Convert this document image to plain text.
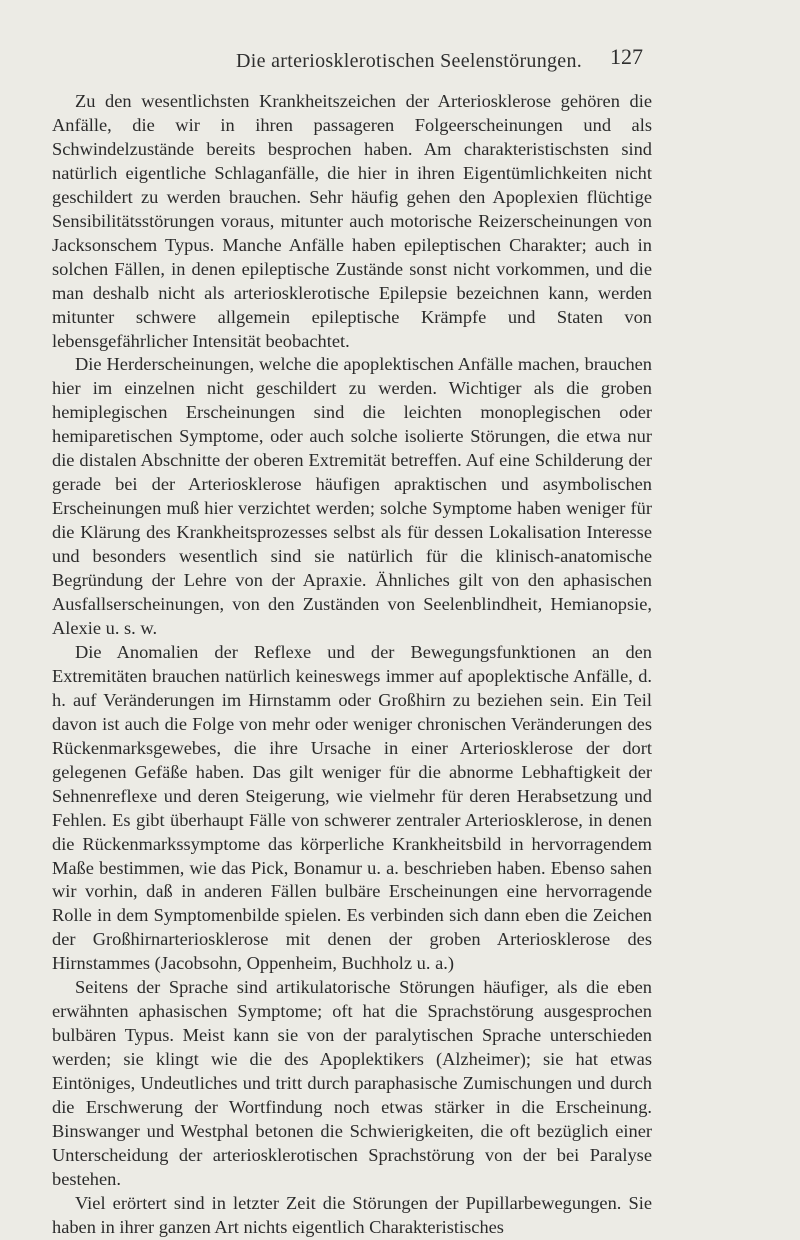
Die arteriosklerotischen Seelenstörungen. 127

Zu den wesentlichsten Krankheitszeichen der Arteriosklerose gehören die Anfälle, die wir in ihren passageren Folgeerscheinungen und als Schwindelzustände bereits besprochen haben. Am charakteristischsten sind natürlich eigentliche Schlaganfälle, die hier in ihren Eigentümlichkeiten nicht geschildert zu werden brauchen. Sehr häufig gehen den Apoplexien flüchtige Sensibilitätsstörungen voraus, mitunter auch motorische Reizerscheinungen von Jacksonschem Typus. Manche Anfälle haben epileptischen Charakter; auch in solchen Fällen, in denen epileptische Zustände sonst nicht vorkommen, und die man deshalb nicht als arteriosklerotische Epilepsie bezeichnen kann, werden mitunter schwere allgemein epileptische Krämpfe und Staten von lebensgefährlicher Intensität beobachtet.

Die Herderscheinungen, welche die apoplektischen Anfälle machen, brauchen hier im einzelnen nicht geschildert zu werden. Wichtiger als die groben hemiplegischen Erscheinungen sind die leichten monoplegischen oder hemiparetischen Symptome, oder auch solche isolierte Störungen, die etwa nur die distalen Abschnitte der oberen Extremität betreffen. Auf eine Schilderung der gerade bei der Arteriosklerose häufigen apraktischen und asymbolischen Erscheinungen muß hier verzichtet werden; solche Symptome haben weniger für die Klärung des Krankheitsprozesses selbst als für dessen Lokalisation Interesse und besonders wesentlich sind sie natürlich für die klinisch-anatomische Begründung der Lehre von der Apraxie. Ähnliches gilt von den aphasischen Ausfallserscheinungen, von den Zuständen von Seelenblindheit, Hemianopsie, Alexie u. s. w.

Die Anomalien der Reflexe und der Bewegungsfunktionen an den Extremitäten brauchen natürlich keineswegs immer auf apoplektische Anfälle, d. h. auf Veränderungen im Hirnstamm oder Großhirn zu beziehen sein. Ein Teil davon ist auch die Folge von mehr oder weniger chronischen Veränderungen des Rückenmarksgewebes, die ihre Ursache in einer Arteriosklerose der dort gelegenen Gefäße haben. Das gilt weniger für die abnorme Lebhaftigkeit der Sehnenreflexe und deren Steigerung, wie vielmehr für deren Herabsetzung und Fehlen. Es gibt überhaupt Fälle von schwerer zentraler Arteriosklerose, in denen die Rückenmarkssymptome das körperliche Krankheitsbild in hervorragendem Maße bestimmen, wie das Pick, Bonamur u. a. beschrieben haben. Ebenso sahen wir vorhin, daß in anderen Fällen bulbäre Erscheinungen eine hervorragende Rolle in dem Symptomenbilde spielen. Es verbinden sich dann eben die Zeichen der Großhirnarteriosklerose mit denen der groben Arteriosklerose des Hirnstammes (Jacobsohn, Oppenheim, Buchholz u. a.)

Seitens der Sprache sind artikulatorische Störungen häufiger, als die eben erwähnten aphasischen Symptome; oft hat die Sprachstörung ausgesprochen bulbären Typus. Meist kann sie von der paralytischen Sprache unterschieden werden; sie klingt wie die des Apoplektikers (Alzheimer); sie hat etwas Eintöniges, Undeutliches und tritt durch paraphasische Zumischungen und durch die Erschwerung der Wortfindung noch etwas stärker in die Erscheinung. Binswanger und Westphal betonen die Schwierigkeiten, die oft bezüglich einer Unterscheidung der arteriosklerotischen Sprachstörung von der bei Paralyse bestehen.

Viel erörtert sind in letzter Zeit die Störungen der Pupillarbewegungen. Sie haben in ihrer ganzen Art nichts eigentlich Charakteristisches
